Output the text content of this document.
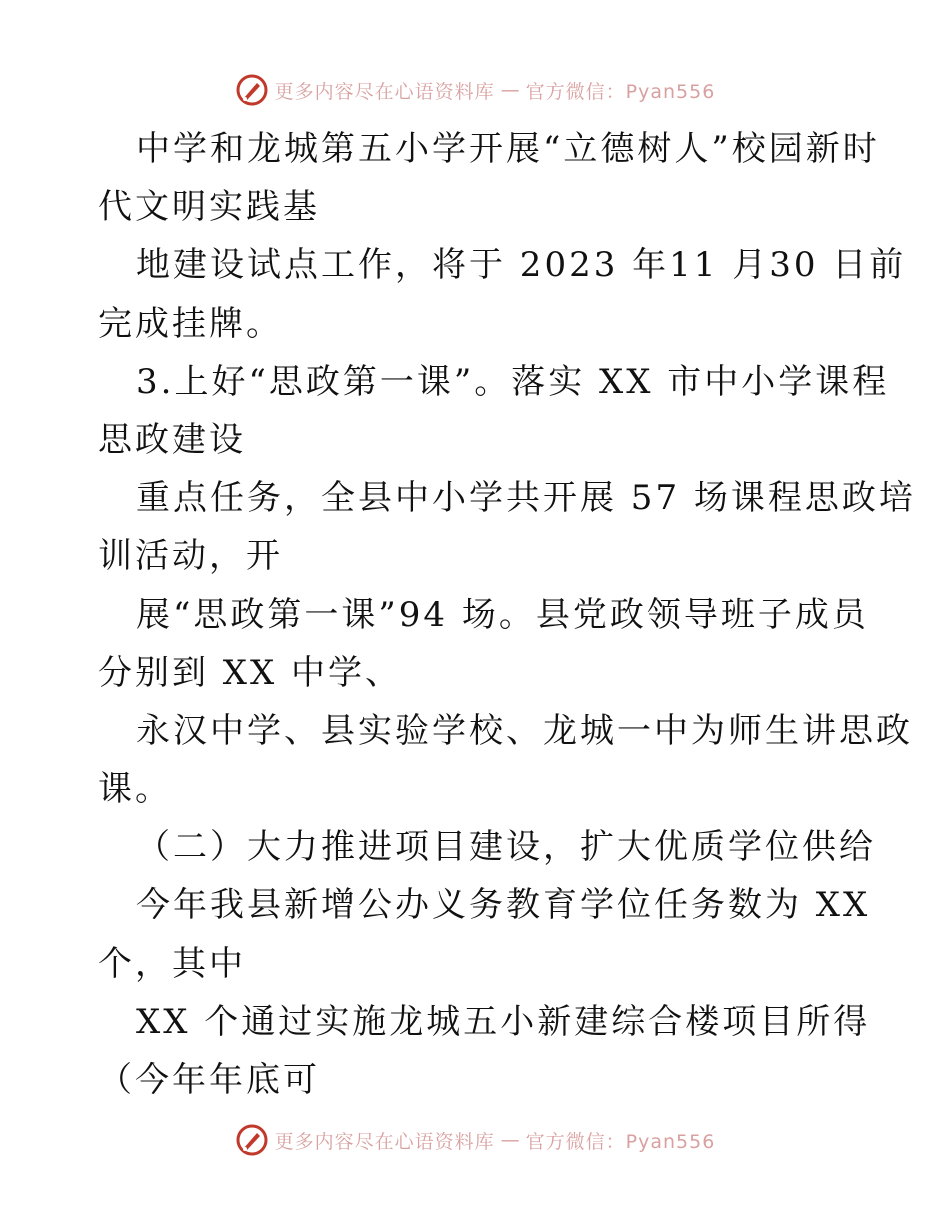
更多内容尽在心语资料库 — 官方微信：Pyan556
中学和龙城第五小学开展“立德树人”校园新时
代文明实践基
地建设试点工作，将于 2023 年11 月30 日前
完成挂牌。
3.上好“思政第一课”。落实 XX 市中小学课程
思政建设
重点任务，全县中小学共开展 57 场课程思政培
训活动，开
展“思政第一课”94 场。县党政领导班子成员
分别到 XX 中学、
永汉中学、县实验学校、龙城一中为师生讲思政
课。
（二）大力推进项目建设，扩大优质学位供给
今年我县新增公办义务教育学位任务数为 XX
个，其中
XX 个通过实施龙城五小新建综合楼项目所得
（今年年底可
更多内容尽在心语资料库 — 官方微信：Pyan556
